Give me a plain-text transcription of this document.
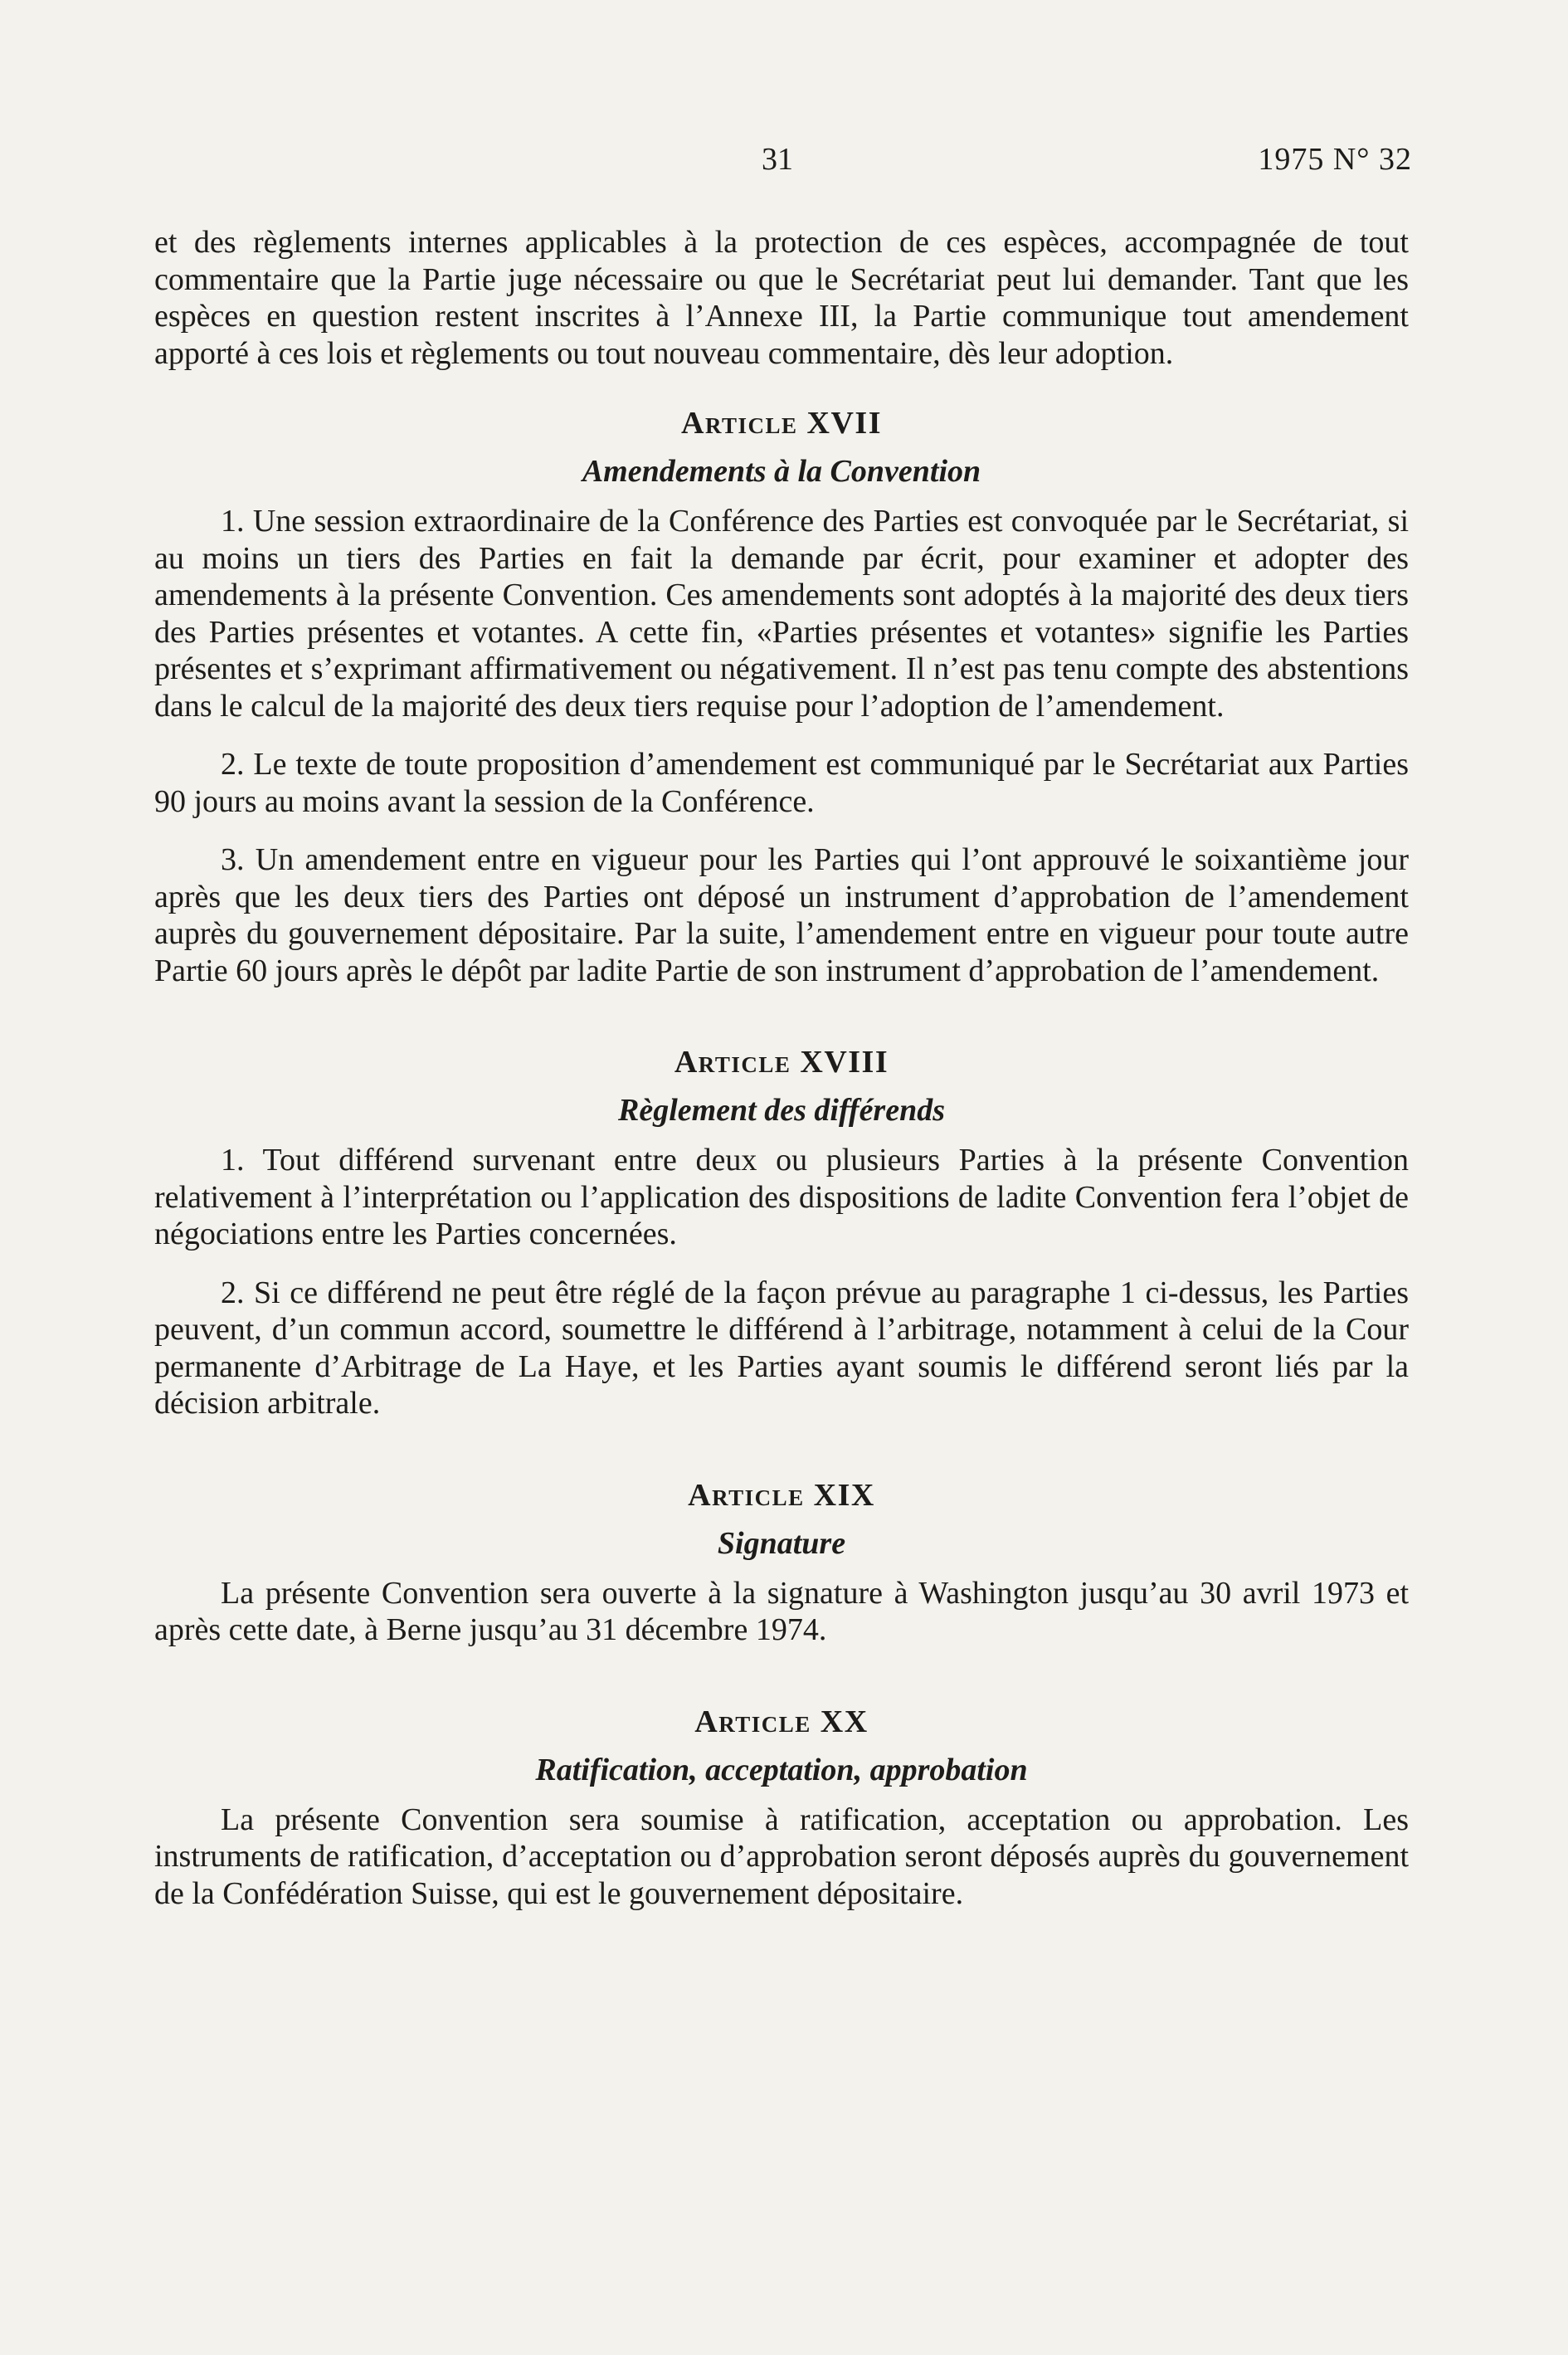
31	1975 N° 32

et des règlements internes applicables à la protection de ces espèces, accompagnée de tout commentaire que la Partie juge nécessaire ou que le Secrétariat peut lui demander. Tant que les espèces en question restent inscrites à l’Annexe III, la Partie communique tout amendement apporté à ces lois et règlements ou tout nouveau commentaire, dès leur adoption.

Article XVII
Amendements à la Convention

1. Une session extraordinaire de la Conférence des Parties est convoquée par le Secrétariat, si au moins un tiers des Parties en fait la demande par écrit, pour examiner et adopter des amendements à la présente Convention. Ces amendements sont adoptés à la majorité des deux tiers des Parties présentes et votantes. A cette fin, «Parties présentes et votantes» signifie les Parties présentes et s’exprimant affirmativement ou négativement. Il n’est pas tenu compte des abstentions dans le calcul de la majorité des deux tiers requise pour l’adoption de l’amendement.

2. Le texte de toute proposition d’amendement est communiqué par le Secrétariat aux Parties 90 jours au moins avant la session de la Conférence.

3. Un amendement entre en vigueur pour les Parties qui l’ont approuvé le soixantième jour après que les deux tiers des Parties ont déposé un instrument d’approbation de l’amendement auprès du gouvernement dépositaire. Par la suite, l’amendement entre en vigueur pour toute autre Partie 60 jours après le dépôt par ladite Partie de son instrument d’approbation de l’amendement.

Article XVIII
Règlement des différends

1. Tout différend survenant entre deux ou plusieurs Parties à la présente Convention relativement à l’interprétation ou l’application des dispositions de ladite Convention fera l’objet de négociations entre les Parties concernées.

2. Si ce différend ne peut être réglé de la façon prévue au paragraphe 1 ci-dessus, les Parties peuvent, d’un commun accord, soumettre le différend à l’arbitrage, notamment à celui de la Cour permanente d’Arbitrage de La Haye, et les Parties ayant soumis le différend seront liés par la décision arbitrale.

Article XIX
Signature

La présente Convention sera ouverte à la signature à Washington jusqu’au 30 avril 1973 et après cette date, à Berne jusqu’au 31 décembre 1974.

Article XX
Ratification, acceptation, approbation

La présente Convention sera soumise à ratification, acceptation ou approbation. Les instruments de ratification, d’acceptation ou d’approbation seront déposés auprès du gouvernement de la Confédération Suisse, qui est le gouvernement dépositaire.
